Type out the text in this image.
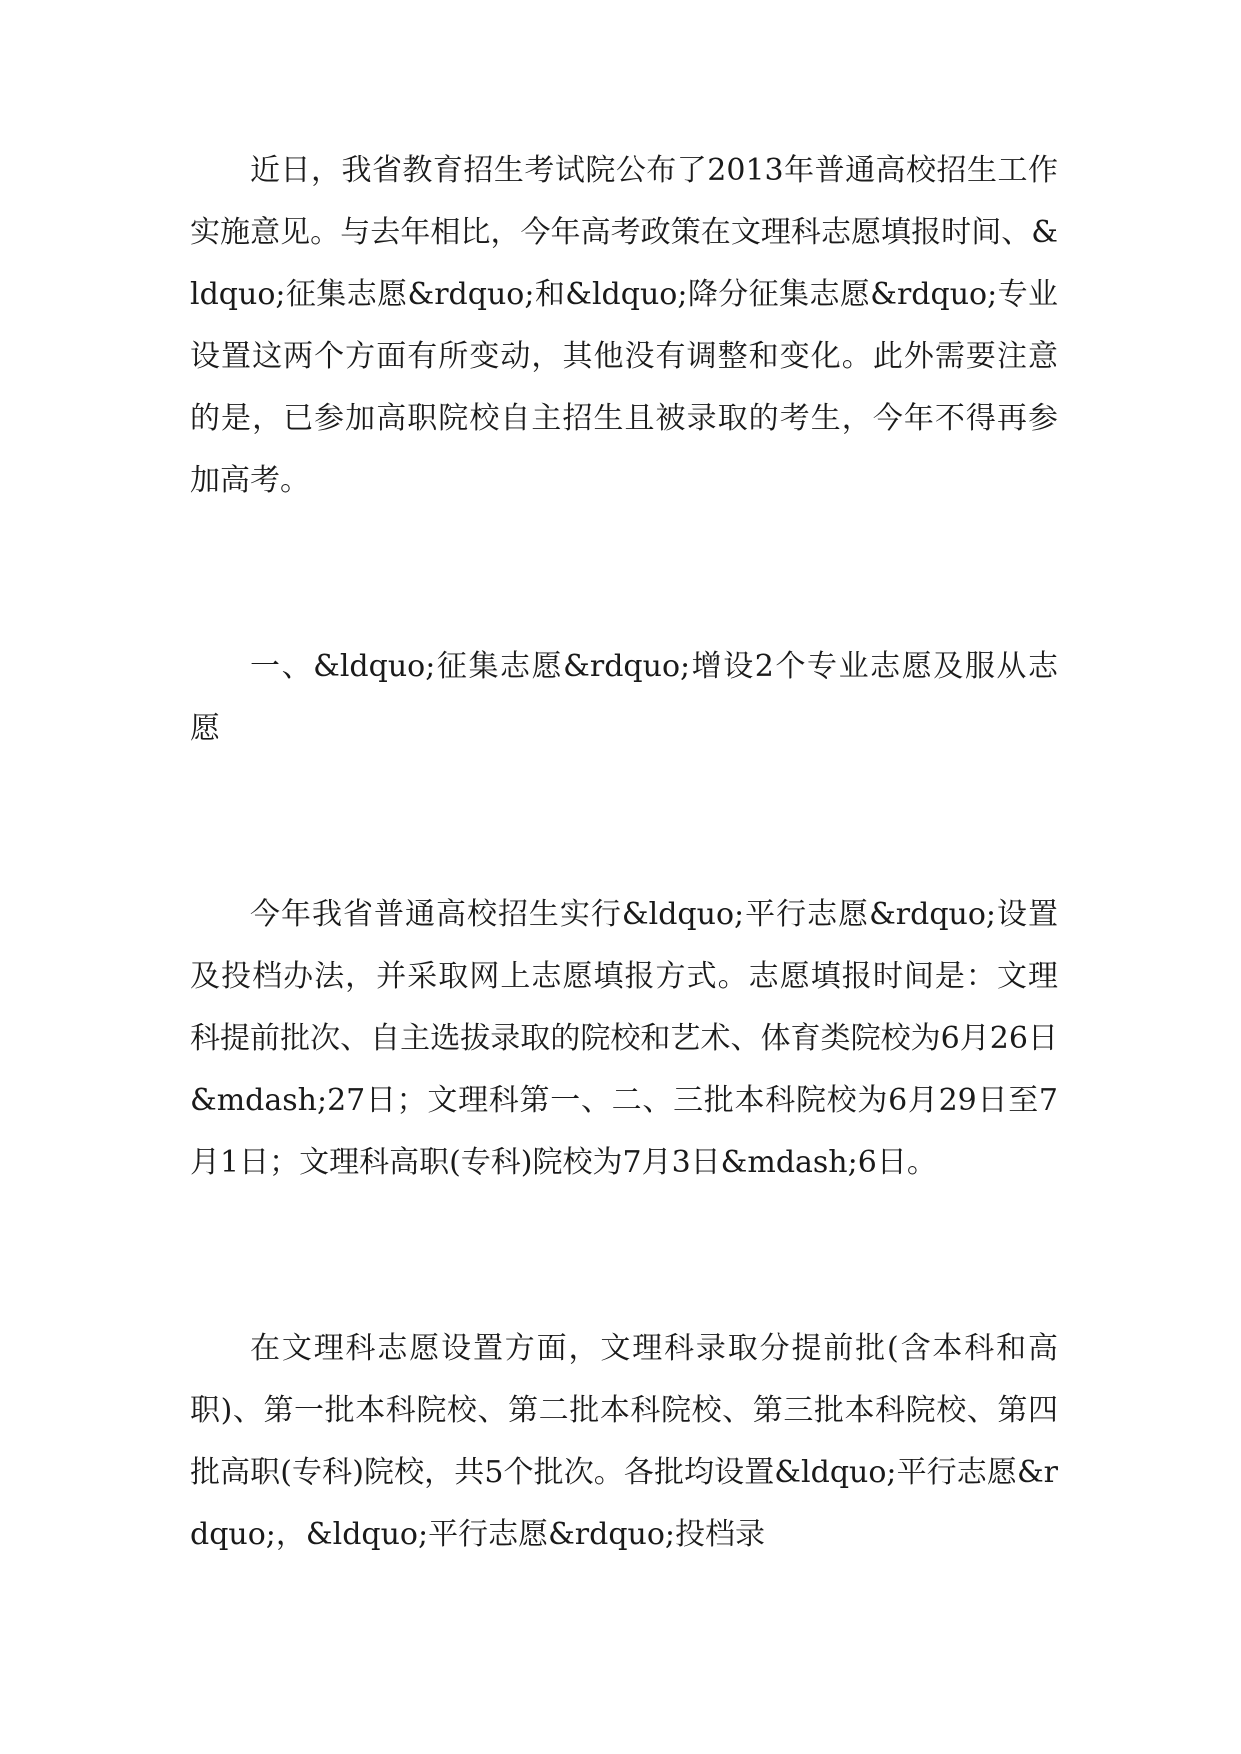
近日，我省教育招生考试院公布了2013年普通高校招生工作实施意见。与去年相比，今年高考政策在文理科志愿填报时间、&ldquo;征集志愿&rdquo;和&ldquo;降分征集志愿&rdquo;专业设置这两个方面有所变动，其他没有调整和变化。此外需要注意的是，已参加高职院校自主招生且被录取的考生，今年不得再参加高考。

一、&ldquo;征集志愿&rdquo;增设2个专业志愿及服从志愿

今年我省普通高校招生实行&ldquo;平行志愿&rdquo;设置及投档办法，并采取网上志愿填报方式。志愿填报时间是：文理科提前批次、自主选拔录取的院校和艺术、体育类院校为6月26日&mdash;27日；文理科第一、二、三批本科院校为6月29日至7月1日；文理科高职(专科)院校为7月3日&mdash;6日。

在文理科志愿设置方面，文理科录取分提前批(含本科和高职)、第一批本科院校、第二批本科院校、第三批本科院校、第四批高职(专科)院校，共5个批次。各批均设置&ldquo;平行志愿&rdquo;，&ldquo;平行志愿&rdquo;投档录
